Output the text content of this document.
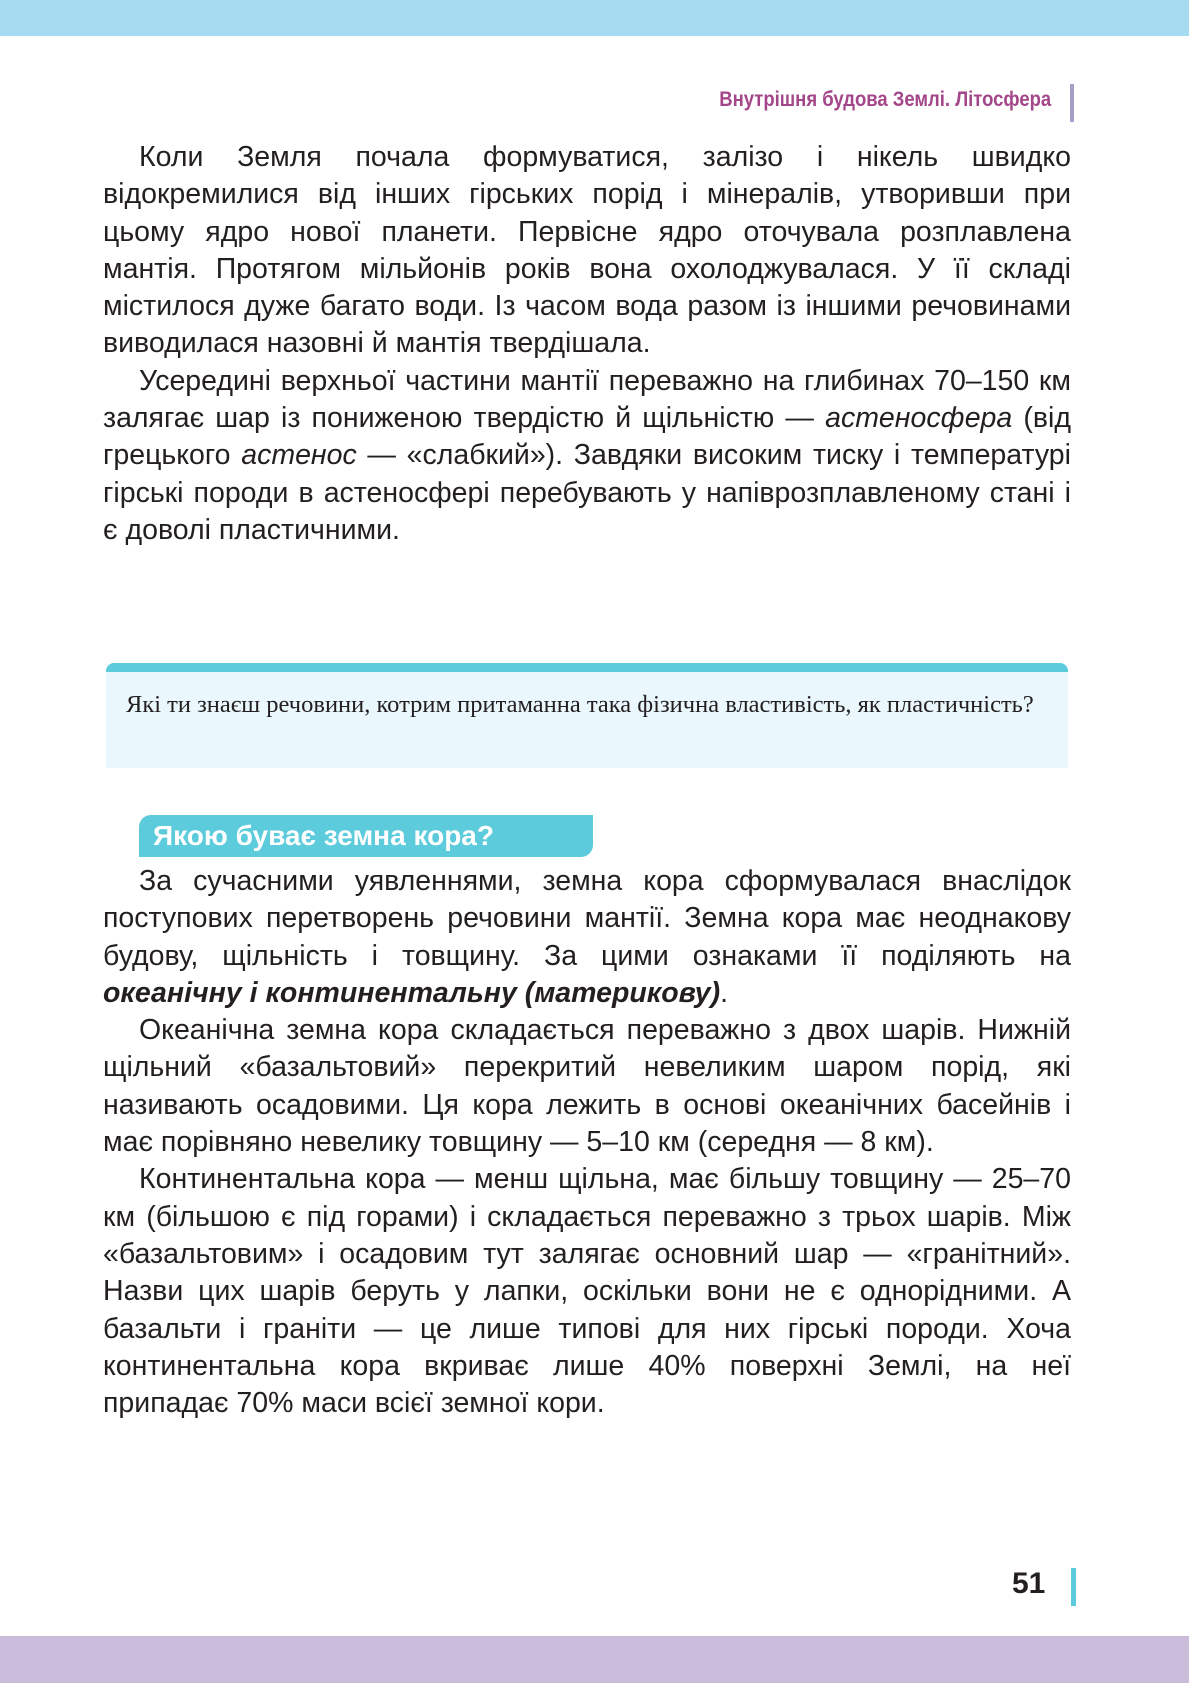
Внутрішня будова Землі. Літосфера

Коли Земля почала формуватися, залізо і нікель швидко відокремилися від інших гірських порід і мінералів, утворивши при цьому ядро нової планети. Первісне ядро оточувала розплавлена мантія. Протягом мільйонів років вона охолоджувалася. У її складі містилося дуже багато води. Із часом вода разом із іншими речовинами виводилася назовні й мантія твердішала.

Усередині верхньої частини мантії переважно на глибинах 70–150 км залягає шар із пониженою твердістю й щільністю — астеносфера (від грецького астенос — «слабкий»). Завдяки високим тиску і температурі гірські породи в астеносфері перебувають у напіврозплавленому стані і є доволі пластичними.

Які ти знаєш речовини, котрим притаманна така фізична властивість, як пластичність?

Якою буває земна кора?

За сучасними уявленнями, земна кора сформувалася внаслідок поступових перетворень речовини мантії. Земна кора має неоднакову будову, щільність і товщину. За цими ознаками її поділяють на океанічну і континентальну (материкову).

Океанічна земна кора складається переважно з двох шарів. Нижній щільний «базальтовий» перекритий невеликим шаром порід, які називають осадовими. Ця кора лежить в основі океанічних басейнів і має порівняно невелику товщину — 5–10 км (середня — 8 км).

Континентальна кора — менш щільна, має більшу товщину — 25–70 км (більшою є під горами) і складається переважно з трьох шарів. Між «базальтовим» і осадовим тут залягає основний шар — «гранітний». Назви цих шарів беруть у лапки, оскільки вони не є однорідними. А базальти і граніти — це лише типові для них гірські породи. Хоча континентальна кора вкриває лише 40% поверхні Землі, на неї припадає 70% маси всієї земної кори.

51
